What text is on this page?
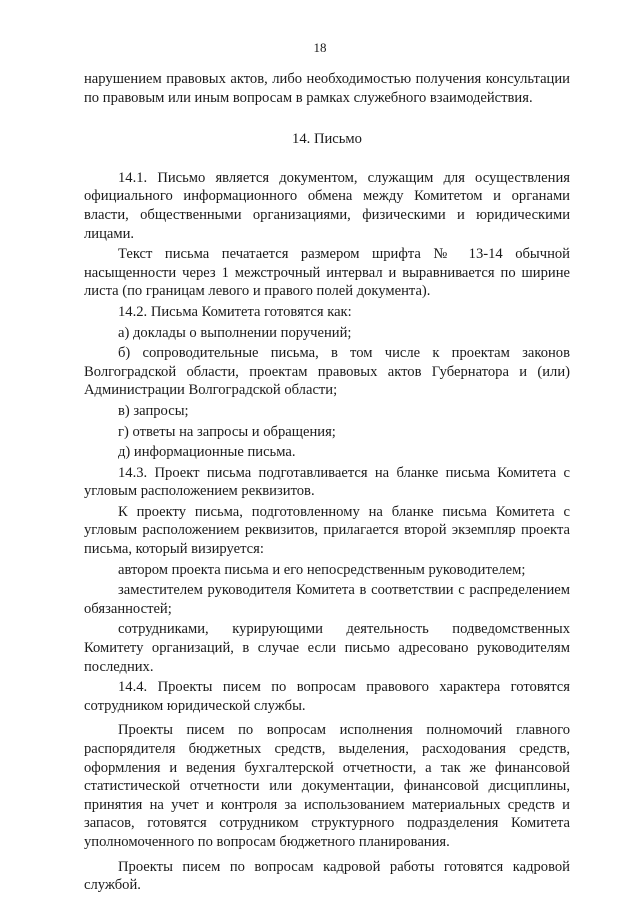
18

нарушением правовых актов, либо необходимостью получения консультации по правовым или иным вопросам в рамках служебного взаимодействия.

14. Письмо

14.1. Письмо является документом, служащим для осуществления официального информационного обмена между Комитетом и органами власти, общественными организациями, физическими и юридическими лицами.

Текст письма печатается размером шрифта № 13-14 обычной насыщенности через 1 межстрочный интервал и выравнивается по ширине листа (по границам левого и правого полей документа).

14.2. Письма Комитета готовятся как:

а) доклады о выполнении поручений;

б) сопроводительные письма, в том числе к проектам законов Волгоградской области, проектам правовых актов Губернатора и (или) Администрации Волгоградской области;

в) запросы;

г) ответы на запросы и обращения;

д) информационные письма.

14.3. Проект письма подготавливается на бланке письма Комитета с угловым расположением реквизитов.

К проекту письма, подготовленному на бланке письма Комитета с угловым расположением реквизитов, прилагается второй экземпляр проекта письма, который визируется:

автором проекта письма и его непосредственным руководителем;

заместителем руководителя Комитета в соответствии с распределением обязанностей;

сотрудниками, курирующими деятельность подведомственных Комитету организаций, в случае если письмо адресовано руководителям последних.

14.4. Проекты писем по вопросам правового характера готовятся сотрудником юридической службы.

Проекты писем по вопросам исполнения полномочий главного распорядителя бюджетных средств, выделения, расходования средств, оформления и ведения бухгалтерской отчетности, а так же финансовой статистической отчетности или документации, финансовой дисциплины, принятия на учет и контроля за использованием материальных средств и запасов, готовятся сотрудником структурного подразделения Комитета уполномоченного по вопросам бюджетного планирования.

Проекты писем по вопросам кадровой работы готовятся кадровой службой.
